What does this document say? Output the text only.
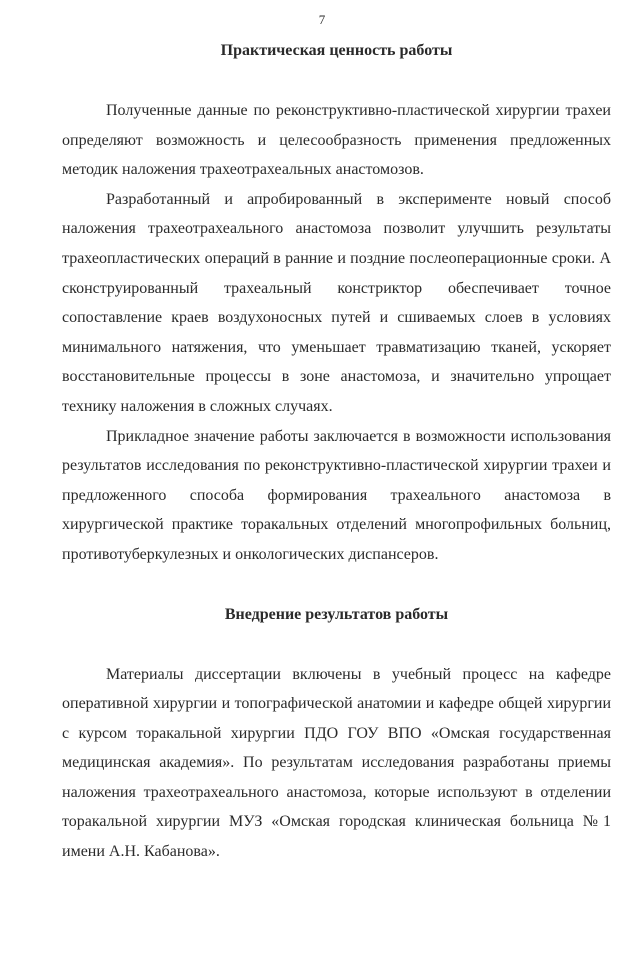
7

Практическая ценность работы

Полученные данные по реконструктивно-пластической хирургии трахеи определяют возможность и целесообразность применения предложенных методик наложения трахеотрахеальных анастомозов.

Разработанный и апробированный в эксперименте новый способ наложения трахеотрахеального анастомоза позволит улучшить результаты трахеопластических операций в ранние и поздние послеоперационные сроки. А сконструированный трахеальный констриктор обеспечивает точное сопоставление краев воздухоносных путей и сшиваемых слоев в условиях минимального натяжения, что уменьшает травматизацию тканей, ускоряет восстановительные процессы в зоне анастомоза, и значительно упрощает технику наложения в сложных случаях.

Прикладное значение работы заключается в возможности использования результатов исследования по реконструктивно-пластической хирургии трахеи и предложенного способа формирования трахеального анастомоза в хирургической практике торакальных отделений многопрофильных больниц, противотуберкулезных и онкологических диспансеров.

Внедрение результатов работы

Материалы диссертации включены в учебный процесс на кафедре оперативной хирургии и топографической анатомии и кафедре общей хирургии с курсом торакальной хирургии ПДО ГОУ ВПО «Омская государственная медицинская академия». По результатам исследования разработаны приемы наложения трахеотрахеального анастомоза, которые используют в отделении торакальной хирургии МУЗ «Омская городская клиническая больница №1 имени А.Н. Кабанова».
